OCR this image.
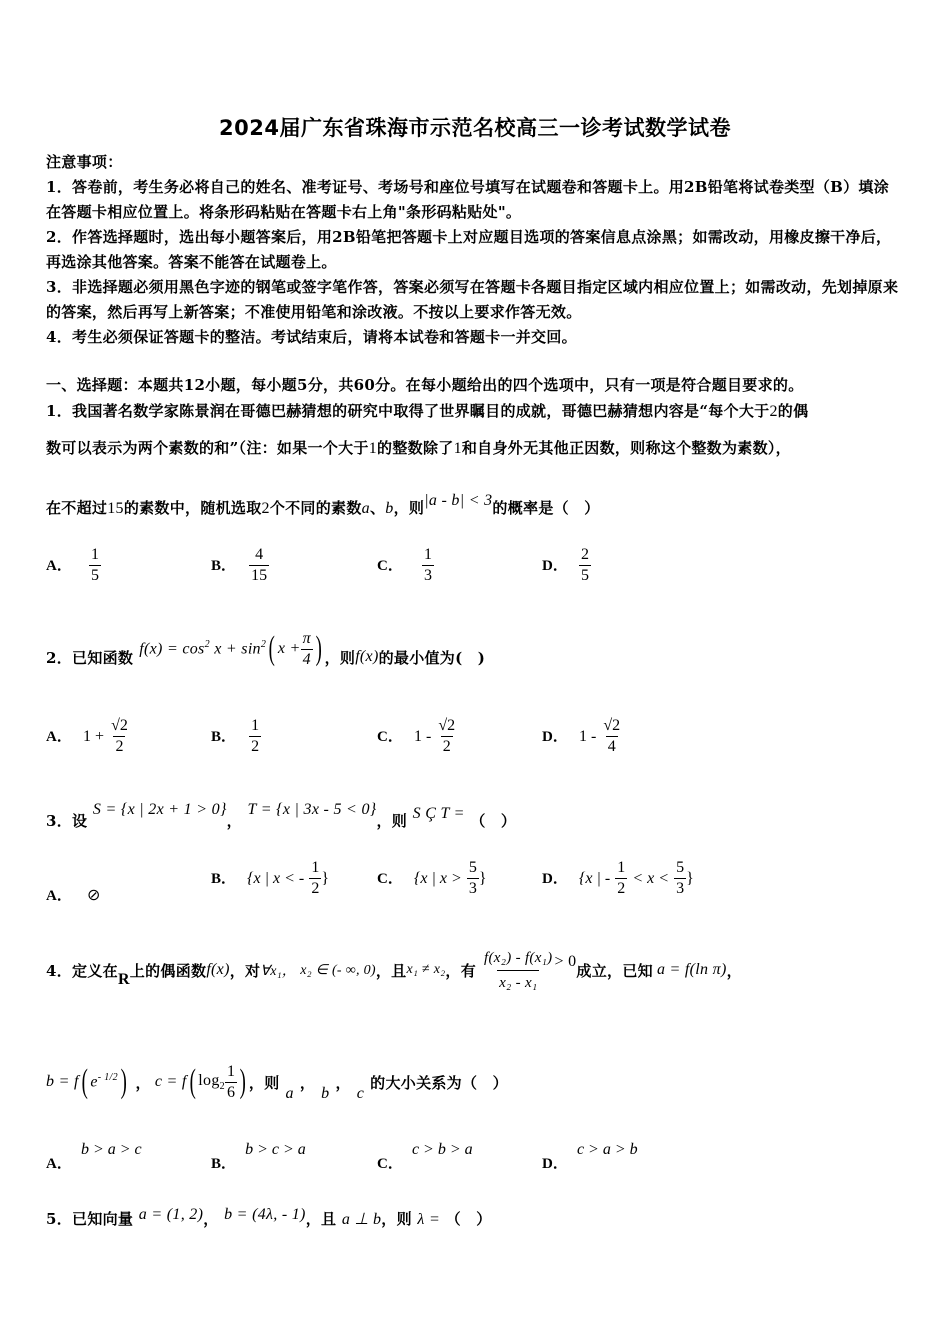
2024届广东省珠海市示范名校高三一诊考试数学试卷
注意事项：
1．答卷前，考生务必将自己的姓名、准考证号、考场号和座位号填写在试题卷和答题卡上。用2B铅笔将试卷类型（B）填涂在答题卡相应位置上。将条形码粘贴在答题卡右上角"条形码粘贴处"。
2．作答选择题时，选出每小题答案后，用2B铅笔把答题卡上对应题目选项的答案信息点涂黑；如需改动，用橡皮擦干净后，再选涂其他答案。答案不能答在试题卷上。
3．非选择题必须用黑色字迹的钢笔或签字笔作答，答案必须写在答题卡各题目指定区域内相应位置上；如需改动，先划掉原来的答案，然后再写上新答案；不准使用铅笔和涂改液。不按以上要求作答无效。
4．考生必须保证答题卡的整洁。考试结束后，请将本试卷和答题卡一并交回。
一、选择题：本题共12小题，每小题5分，共60分。在每小题给出的四个选项中，只有一项是符合题目要求的。
1．我国著名数学家陈景润在哥德巴赫猜想的研究中取得了世界瞩目的成就，哥德巴赫猜想内容是“每个大于2的偶
数可以表示为两个素数的和”（注：如果一个大于1的整数除了1和自身外无其他正因数，则称这个整数为素数），
在不超过15的素数中，随机选取2个不同的素数a、b，则|a - b| < 3的概率是（　）
A． $\frac{1}{5}$	B． $\frac{4}{15}$	C． $\frac{1}{3}$	D． $\frac{2}{5}$
2．已知函数 $f(x) = \cos^2 x + \sin^2$ ( $x + \frac{\pi}{4}$ ) ，则 f(x) 的最小值为(　)
A． $1 + \frac{√2}{2}$	B． $\frac{1}{2}$	C． $1 - \frac{√2}{2}$	D． $1 - \frac{√2}{4}$
3．设 S = {x | 2x + 1 > 0}， T = {x | 3x - 5 < 0}，则 S Ç T = （　）
A． ⊘
B． {x | x < - $\frac{1}{2}$ }	C． {x | $x > \frac{5}{3}$ }	D． {x | - $\frac{1}{2} < x < \frac{5}{3}$ }
4．定义在 R 上的偶函数 f(x) ，对 ∀x₁， x₂ ∈ (- ∞, 0) ，且 x₁ ≠ x₂ ，有 $\frac{\text{f(x₂) - f(x₁)}}{\text{x₂ - x₁}} > 0$ 成立，已知 a = f(ln π) ，
b = f ( $e^{- 1/2}$ ) ， c = f ( $\log_2 \frac{1}{6}$ ) ，则
a
，
b
，
c
的大小关系为（　）
A． b > a > c
B． b > c > a
C． c > b > a
D． c > a > b
5．已知向量 a = (1, 2)， b = (4λ, - 1)，且 a ⊥ b，则 λ = （　）
